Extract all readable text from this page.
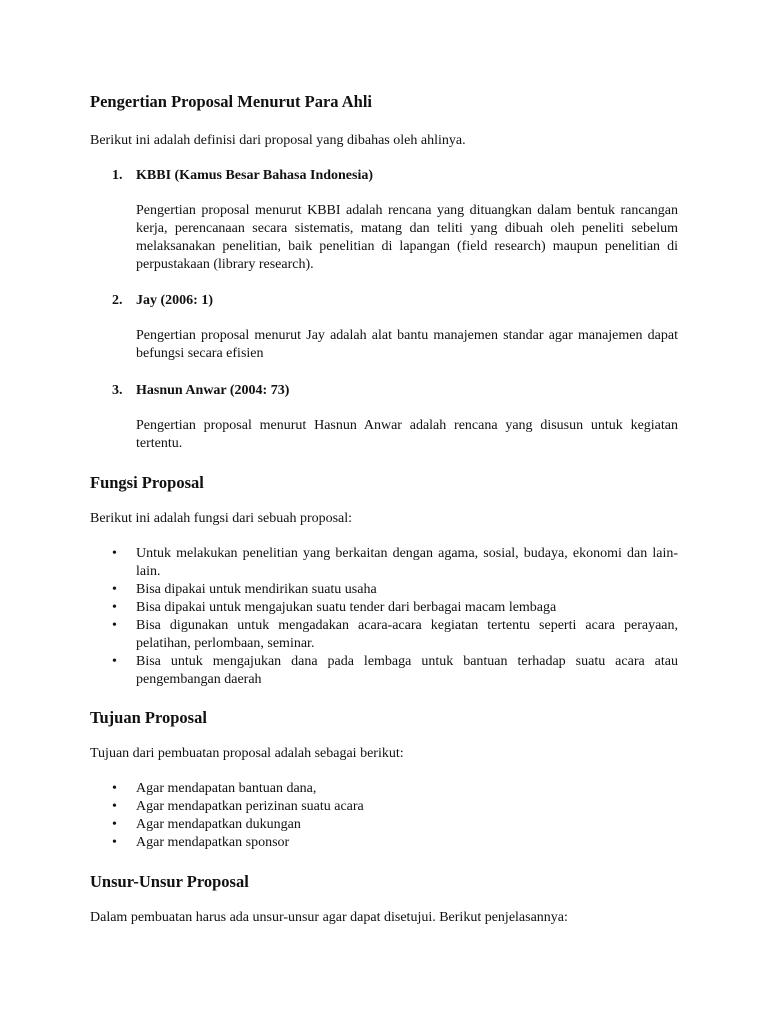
Pengertian Proposal Menurut Para Ahli

Berikut ini adalah definisi dari proposal yang dibahas oleh ahlinya.

1. KBBI (Kamus Besar Bahasa Indonesia)

Pengertian proposal menurut KBBI adalah rencana yang dituangkan dalam bentuk rancangan kerja, perencanaan secara sistematis, matang dan teliti yang dibuah oleh peneliti sebelum melaksanakan penelitian, baik penelitian di lapangan (field research) maupun penelitian di perpustakaan (library research).

2. Jay (2006: 1)

Pengertian proposal menurut Jay adalah alat bantu manajemen standar agar manajemen dapat befungsi secara efisien

3. Hasnun Anwar (2004: 73)

Pengertian proposal menurut Hasnun Anwar adalah rencana yang disusun untuk kegiatan tertentu.

Fungsi Proposal

Berikut ini adalah fungsi dari sebuah proposal:

•	Untuk melakukan penelitian yang berkaitan dengan agama, sosial, budaya, ekonomi dan lain-lain.
•	Bisa dipakai untuk mendirikan suatu usaha
•	Bisa dipakai untuk mengajukan suatu tender dari berbagai macam lembaga
•	Bisa digunakan untuk mengadakan acara-acara kegiatan tertentu seperti acara perayaan, pelatihan, perlombaan, seminar.
•	Bisa untuk mengajukan dana pada lembaga untuk bantuan terhadap suatu acara atau pengembangan daerah
Tujuan Proposal

Tujuan dari pembuatan proposal adalah sebagai berikut:

•	Agar mendapatan bantuan dana,
•	Agar mendapatkan perizinan suatu acara
•	Agar mendapatkan dukungan
•	Agar mendapatkan sponsor
Unsur-Unsur Proposal

Dalam pembuatan harus ada unsur-unsur agar dapat disetujui. Berikut penjelasannya:
